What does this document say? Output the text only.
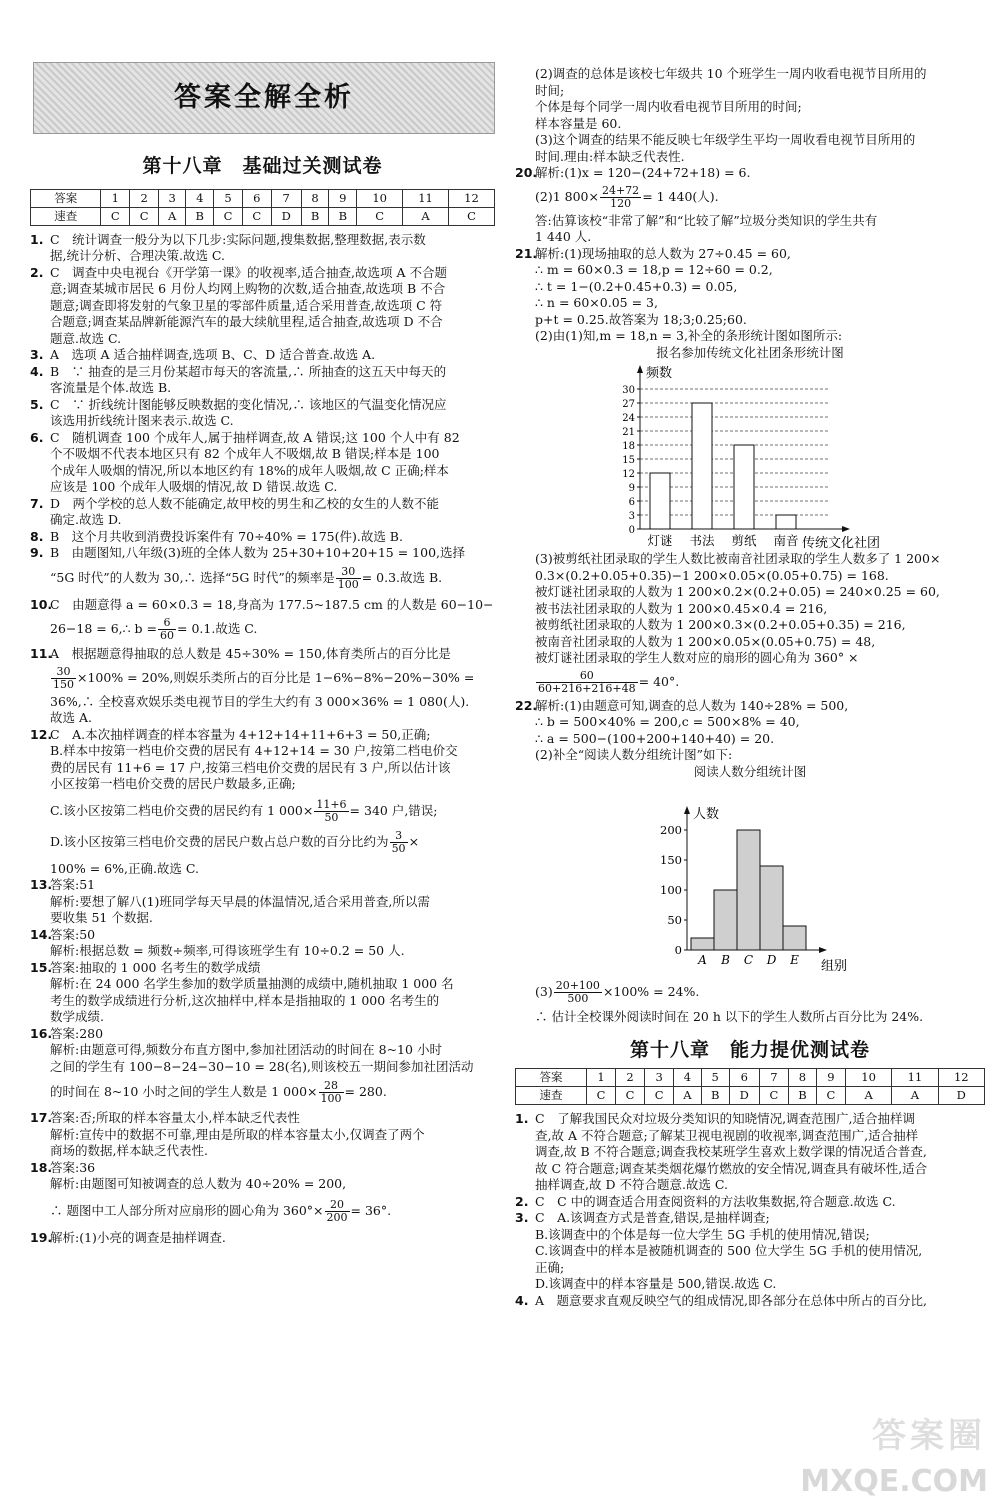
答案全解全析
第十八章　基础过关测试卷
答案	1	2	3	4	5	6	7	8	9	10	11	12
速查	C	C	A	B	C	C	D	B	B	C	A	C
1. C　统计调查一般分为以下几步:实际问题,搜集数据,整理数据,表示数
据,统计分析、合理决策.故选 C.
2. C　调查中央电视台《开学第一课》的收视率,适合抽查,故选项 A 不合题
意;调查某城市居民 6 月份人均网上购物的次数,适合抽查,故选项 B 不合
题意;调查即将发射的气象卫星的零部件质量,适合采用普查,故选项 C 符
合题意;调查某品牌新能源汽车的最大续航里程,适合抽查,故选项 D 不合
题意.故选 C.
3. A　选项 A 适合抽样调查,选项 B、C、D 适合普查.故选 A.
4. B　∵ 抽查的是三月份某超市每天的客流量,∴ 所抽查的这五天中每天的
客流量是个体.故选 B.
5. C　∵ 折线统计图能够反映数据的变化情况,∴ 该地区的气温变化情况应
该选用折线统计图来表示.故选 C.
6. C　随机调查 100 个成年人,属于抽样调查,故 A 错误;这 100 个人中有 82
个不吸烟不代表本地区只有 82 个成年人不吸烟,故 B 错误;样本是 100
个成年人吸烟的情况,所以本地区约有 18%的成年人吸烟,故 C 正确;样本
应该是 100 个成年人吸烟的情况,故 D 错误.故选 C.
7. D　两个学校的总人数不能确定,故甲校的男生和乙校的女生的人数不能
确定.故选 D.
8. B　这个月共收到消费投诉案件有 70÷40% = 175(件).故选 B.
9. B　由题图知,八年级(3)班的全体人数为 25+30+10+20+15 = 100,选择
“5G 时代”的人数为 30,∴ 选择“5G 时代”的频率是 $\frac{30}{100} = 0.3$.故选 B.
10.
C　由题意得 a = 60×0.3 = 18,身高为 177.5~187.5 cm 的人数是 60−10−
26−18 = 6,∴ $b = \frac{6}{60} = 0.1$.故选 C.
11.
A　根据题意得抽取的总人数是 45÷30% = 150,体育类所占的百分比是
$\frac{30}{150} \times 100\% = 20\%$,则娱乐类所占的百分比是 1−6%−8%−20%−30% =
36%,∴ 全校喜欢娱乐类电视节目的学生大约有 3 000×36% = 1 080(人).
故选 A.
12.
C　A.本次抽样调查的样本容量为 4+12+14+11+6+3 = 50,正确;
B.样本中按第一档电价交费的居民有 4+12+14 = 30 户,按第二档电价交
费的居民有 11+6 = 17 户,按第三档电价交费的居民有 3 户,所以估计该
小区按第一档电价交费的居民户数最多,正确;
C.该小区按第二档电价交费的居民约有 1 $000\times \frac{11+6}{50} = 340$ 户,错误;
D.该小区按第三档电价交费的居民户数占总户数的百分比约为 $\frac{3}{50}$ ×
100% = 6%,正确.故选 C.
13.
答案:51
解析:要想了解八(1)班同学每天早晨的体温情况,适合采用普查,所以需
要收集 51 个数据.
14.
答案:50
解析:根据总数 = 频数÷频率,可得该班学生有 10÷0.2 = 50 人.
15.
答案:抽取的 1 000 名考生的数学成绩
解析:在 24 000 名学生参加的数学质量抽测的成绩中,随机抽取 1 000 名
考生的数学成绩进行分析,这次抽样中,样本是指抽取的 1 000 名考生的
数学成绩.
16.
答案:280
解析:由题意可得,频数分布直方图中,参加社团活动的时间在 8~10 小时
之间的学生有 100−8−24−30−10 = 28(名),则该校五一期间参加社团活动
的时间在 8~10 小时之间的学生人数是 1 $000\times \frac{28}{100} = 280$.
17.
答案:否;所取的样本容量太小,样本缺乏代表性
解析:宣传中的数据不可靠,理由是所取的样本容量太小,仅调查了两个
商场的数据,样本缺乏代表性.
18.
答案:36
解析:由题图可知被调查的总人数为 40÷20% = 200,
∴ 题图中工人部分所对应扇形的圆心角为 $360^\circ\times \frac{20}{200} = 36^\circ$.
19.
解析:(1)小亮的调查是抽样调查.
(2)调查的总体是该校七年级共 10 个班学生一周内收看电视节目所用的
时间;
个体是每个同学一周内收看电视节目所用的时间;
样本容量是 60.
(3)这个调查的结果不能反映七年级学生平均一周收看电视节目所用的
时间.理由:样本缺乏代表性.
20.
解析:(1)x = 120−(24+72+18) = 6.
(2)1 $800\times \frac{24+72}{120} = 1$ 440(人).
答:估算该校“非常了解”和“比较了解”垃圾分类知识的学生共有
1 440 人.
21.
解析:(1)现场抽取的总人数为 27÷0.45 = 60,
∴ m = 60×0.3 = 18,p = 12÷60 = 0.2,
∴ t = 1−(0.2+0.45+0.3) = 0.05,
∴ n = 60×0.05 = 3,
p+t = 0.25.故答案为 18;3;0.25;60.
(2)由(1)知,m = 18,n = 3,补全的条形统计图如图所示:
报名参加传统文化社团条形统计图
0
3
6
9
12
15
18
21
24
27
30
频数
传统文化社团
灯谜 书法 剪纸 南音
(3)被剪纸社团录取的学生人数比被南音社团录取的学生人数多了 1 200×
0.3×(0.2+0.05+0.35)−1 200×0.05×(0.05+0.75) = 168.
被灯谜社团录取的人数为 1 200×0.2×(0.2+0.05) = 240×0.25 = 60,
被书法社团录取的人数为 1 200×0.45×0.4 = 216,
被剪纸社团录取的人数为 1 200×0.3×(0.2+0.05+0.35) = 216,
被南音社团录取的人数为 1 200×0.05×(0.05+0.75) = 48,
被灯谜社团录取的学生人数对应的扇形的圆心角为 360° ×
$\frac{60}{60+216+216+48} = 40^\circ$.
22.
解析:(1)由题意可知,调查的总人数为 140÷28% = 500,
∴ b = 500×40% = 200,c = 500×8% = 40,
∴ a = 500−(100+200+140+40) = 20.
(2)补全“阅读人数分组统计图”如下:
阅读人数分组统计图
0
50
100
150
200
人数
组别
A B C D E
$(3) \frac{20+100}{500} \times 100\% = 24\%$.
∴ 估计全校课外阅读时间在 20 h 以下的学生人数所占百分比为 24%.
第十八章　能力提优测试卷
答案	1	2	3	4	5	6	7	8	9	10	11	12
速查	C	C	C	A	B	D	C	B	C	A	A	D
1. C　了解我国民众对垃圾分类知识的知晓情况,调查范围广,适合抽样调
查,故 A 不符合题意;了解某卫视电视剧的收视率,调查范围广,适合抽样
调查,故 B 不符合题意;调查我校某班学生喜欢上数学课的情况适合普查,
故 C 符合题意;调查某类烟花爆竹燃放的安全情况,调查具有破坏性,适合
抽样调查,故 D 不符合题意.故选 C.
2. C　C 中的调查适合用查阅资料的方法收集数据,符合题意.故选 C.
3. C　A.该调查方式是普查,错误,是抽样调查;
B.该调查中的个体是每一位大学生 5G 手机的使用情况,错误;
C.该调查中的样本是被随机调查的 500 位大学生 5G 手机的使用情况,
正确;
D.该调查中的样本容量是 500,错误.故选 C.
4. A　题意要求直观反映空气的组成情况,即各部分在总体中所占的百分比,
答案圈
MXQE.COM
